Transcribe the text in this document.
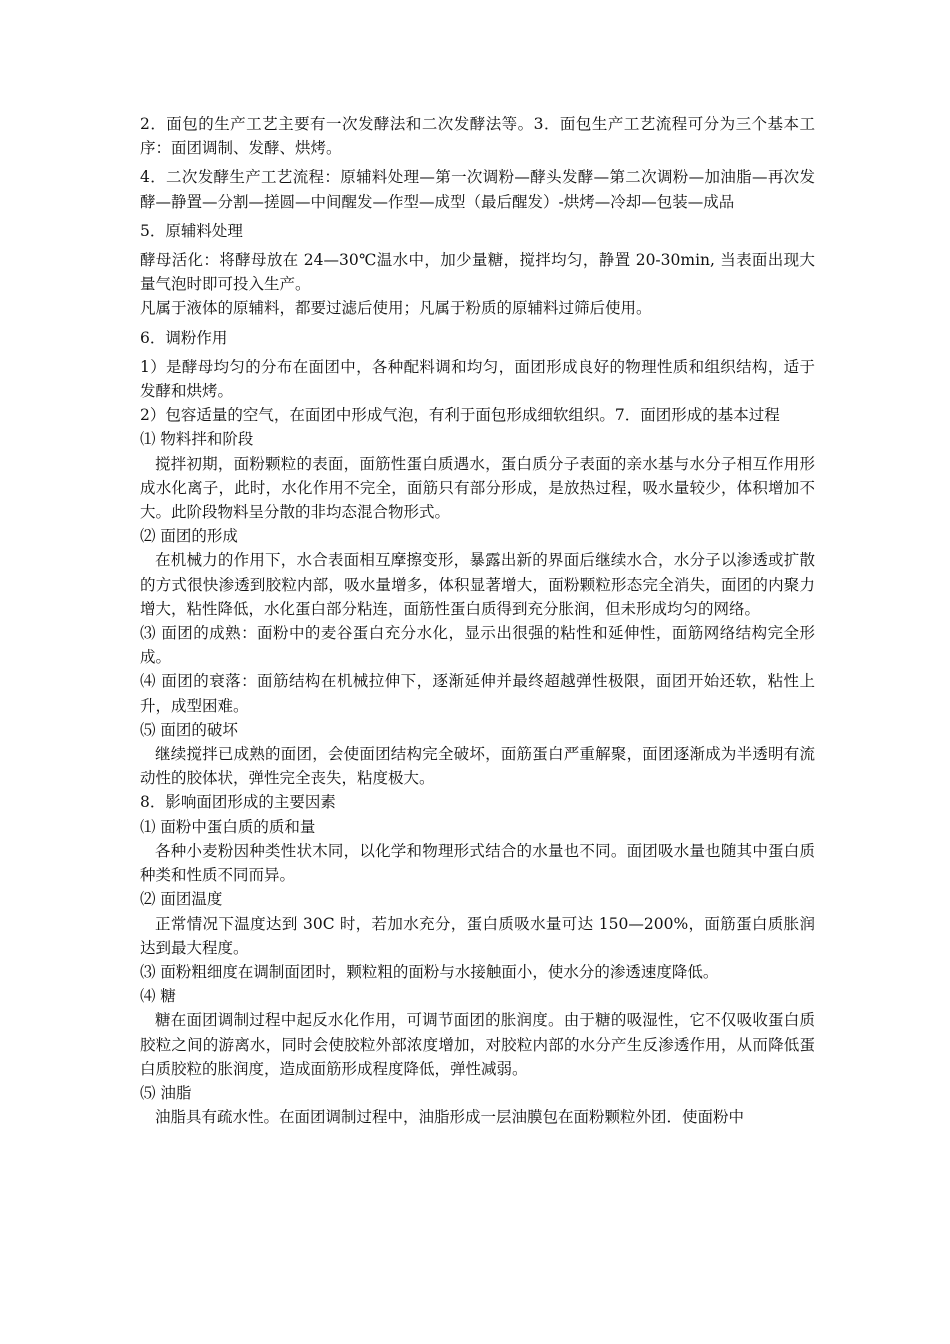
2．面包的生产工艺主要有一次发酵法和二次发酵法等。3．面包生产工艺流程可分为三个基本工序：面团调制、发酵、烘烤。

4．二次发酵生产工艺流程：原辅料处理—第一次调粉—酵头发酵—第二次调粉—加油脂—再次发酵—静置—分割—搓圆—中间醒发—作型—成型（最后醒发）-烘烤—冷却—包装—成品

5．原辅料处理

酵母活化：将酵母放在 24—30℃温水中，加少量糖，搅拌均匀，静置 20-30min, 当表面出现大量气泡时即可投入生产。

凡属于液体的原辅料，都要过滤后使用；凡属于粉质的原辅料过筛后使用。

6．调粉作用

1）是酵母均匀的分布在面团中，各种配料调和均匀，面团形成良好的物理性质和组织结构，适于发酵和烘烤。

2）包容适量的空气，在面团中形成气泡，有利于面包形成细软组织。7．面团形成的基本过程

⑴ 物料拌和阶段

搅拌初期，面粉颗粒的表面，面筋性蛋白质遇水，蛋白质分子表面的亲水基与水分子相互作用形成水化离子，此时，水化作用不完全，面筋只有部分形成，是放热过程，吸水量较少，体积增加不大。此阶段物料呈分散的非均态混合物形式。

⑵ 面团的形成

在机械力的作用下，水合表面相互摩擦变形，暴露出新的界面后继续水合，水分子以渗透或扩散的方式很快渗透到胶粒内部，吸水量增多，体积显著增大，面粉颗粒形态完全消失，面团的内聚力增大，粘性降低，水化蛋白部分粘连，面筋性蛋白质得到充分胀润，但未形成均匀的网络。

⑶ 面团的成熟：面粉中的麦谷蛋白充分水化，显示出很强的粘性和延伸性，面筋网络结构完全形成。

⑷ 面团的衰落：面筋结构在机械拉伸下，逐渐延伸并最终超越弹性极限，面团开始还软，粘性上升，成型困难。

⑸ 面团的破坏

继续搅拌已成熟的面团，会使面团结构完全破坏，面筋蛋白严重解聚，面团逐渐成为半透明有流动性的胶体状，弹性完全丧失，粘度极大。

8．影响面团形成的主要因素

⑴ 面粉中蛋白质的质和量

各种小麦粉因种类性状木同，以化学和物理形式结合的水量也不同。面团吸水量也随其中蛋白质种类和性质不同而异。

⑵ 面团温度

正常情况下温度达到 30C 时，若加水充分，蛋白质吸水量可达 150—200%，面筋蛋白质胀润达到最大程度。

⑶ 面粉粗细度在调制面团时，颗粒粗的面粉与水接触面小，使水分的渗透速度降低。

⑷ 糖

糖在面团调制过程中起反水化作用，可调节面团的胀润度。由于糖的吸湿性，它不仅吸收蛋白质胶粒之间的游离水，同时会使胶粒外部浓度增加，对胶粒内部的水分产生反渗透作用，从而降低蛋白质胶粒的胀润度，造成面筋形成程度降低，弹性减弱。

⑸ 油脂

油脂具有疏水性。在面团调制过程中，油脂形成一层油膜包在面粉颗粒外团．使面粉中
